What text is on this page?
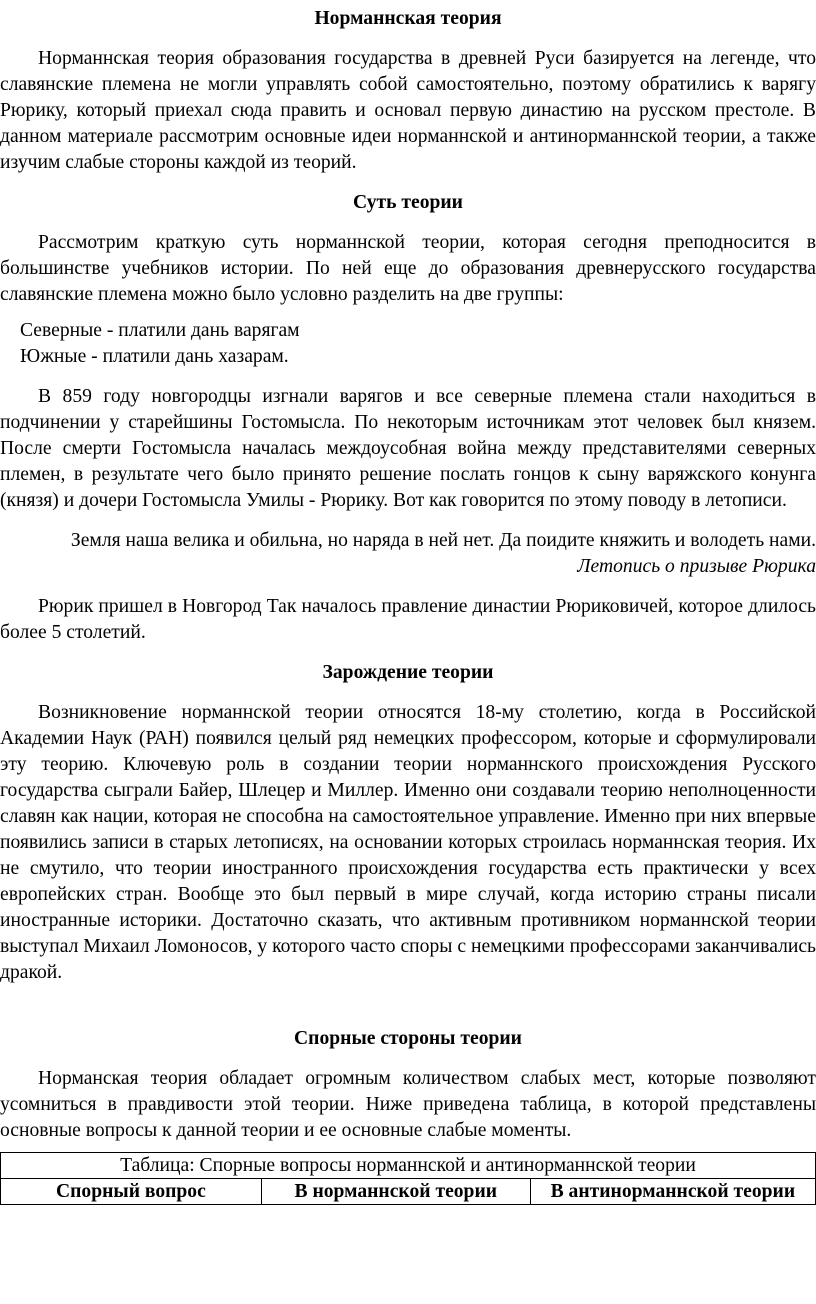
Норманнская теория

Норманнская теория образования государства в древней Руси базируется на легенде, что славянские племена не могли управлять собой самостоятельно, поэтому обратились к варягу Рюрику, который приехал сюда править и основал первую династию на русском престоле. В данном материале рассмотрим основные идеи норманнской и антинорманнской теории, а также изучим слабые стороны каждой из теорий.

Суть теории

Рассмотрим краткую суть норманнской теории, которая сегодня преподносится в большинстве учебников истории. По ней еще до образования древнерусского государства славянские племена можно было условно разделить на две группы:

Северные - платили дань варягам
Южные - платили дань хазарам.

В 859 году новгородцы изгнали варягов и все северные племена стали находиться в подчинении у старейшины Гостомысла. По некоторым источникам этот человек был князем. После смерти Гостомысла началась междоусобная война между представителями северных племен, в результате чего было принято решение послать гонцов к сыну варяжского конунга (князя) и дочери Гостомысла Умилы - Рюрику. Вот как говорится по этому поводу в летописи.

Земля наша велика и обильна, но наряда в ней нет. Да поидите княжить и володеть нами.
Летопись о призыве Рюрика

Рюрик пришел в Новгород Так началось правление династии Рюриковичей, которое длилось более 5 столетий.

Зарождение теории

Возникновение норманнской теории относятся 18-му столетию, когда в Российской Академии Наук (РАН) появился целый ряд немецких профессором, которые и сформулировали эту теорию. Ключевую роль в создании теории норманнского происхождения Русского государства сыграли Байер, Шлецер и Миллер. Именно они создавали теорию неполноценности славян как нации, которая не способна на самостоятельное управление. Именно при них впервые появились записи в старых летописях, на основании которых строилась норманнская теория. Их не смутило, что теории иностранного происхождения государства есть практически у всех европейских стран. Вообще это был первый в мире случай, когда историю страны писали иностранные историки. Достаточно сказать, что активным противником норманнской теории выступал Михаил Ломоносов, у которого часто споры с немецкими профессорами заканчивались дракой.

Спорные стороны теории

Норманская теория обладает огромным количеством слабых мест, которые позволяют усомниться в правдивости этой теории. Ниже приведена таблица, в которой представлены основные вопросы к данной теории и ее основные слабые моменты.

Таблица: Спорные вопросы норманнской и антинорманнской теории
Спорный вопрос	В норманнской теории	В антинорманнской теории
